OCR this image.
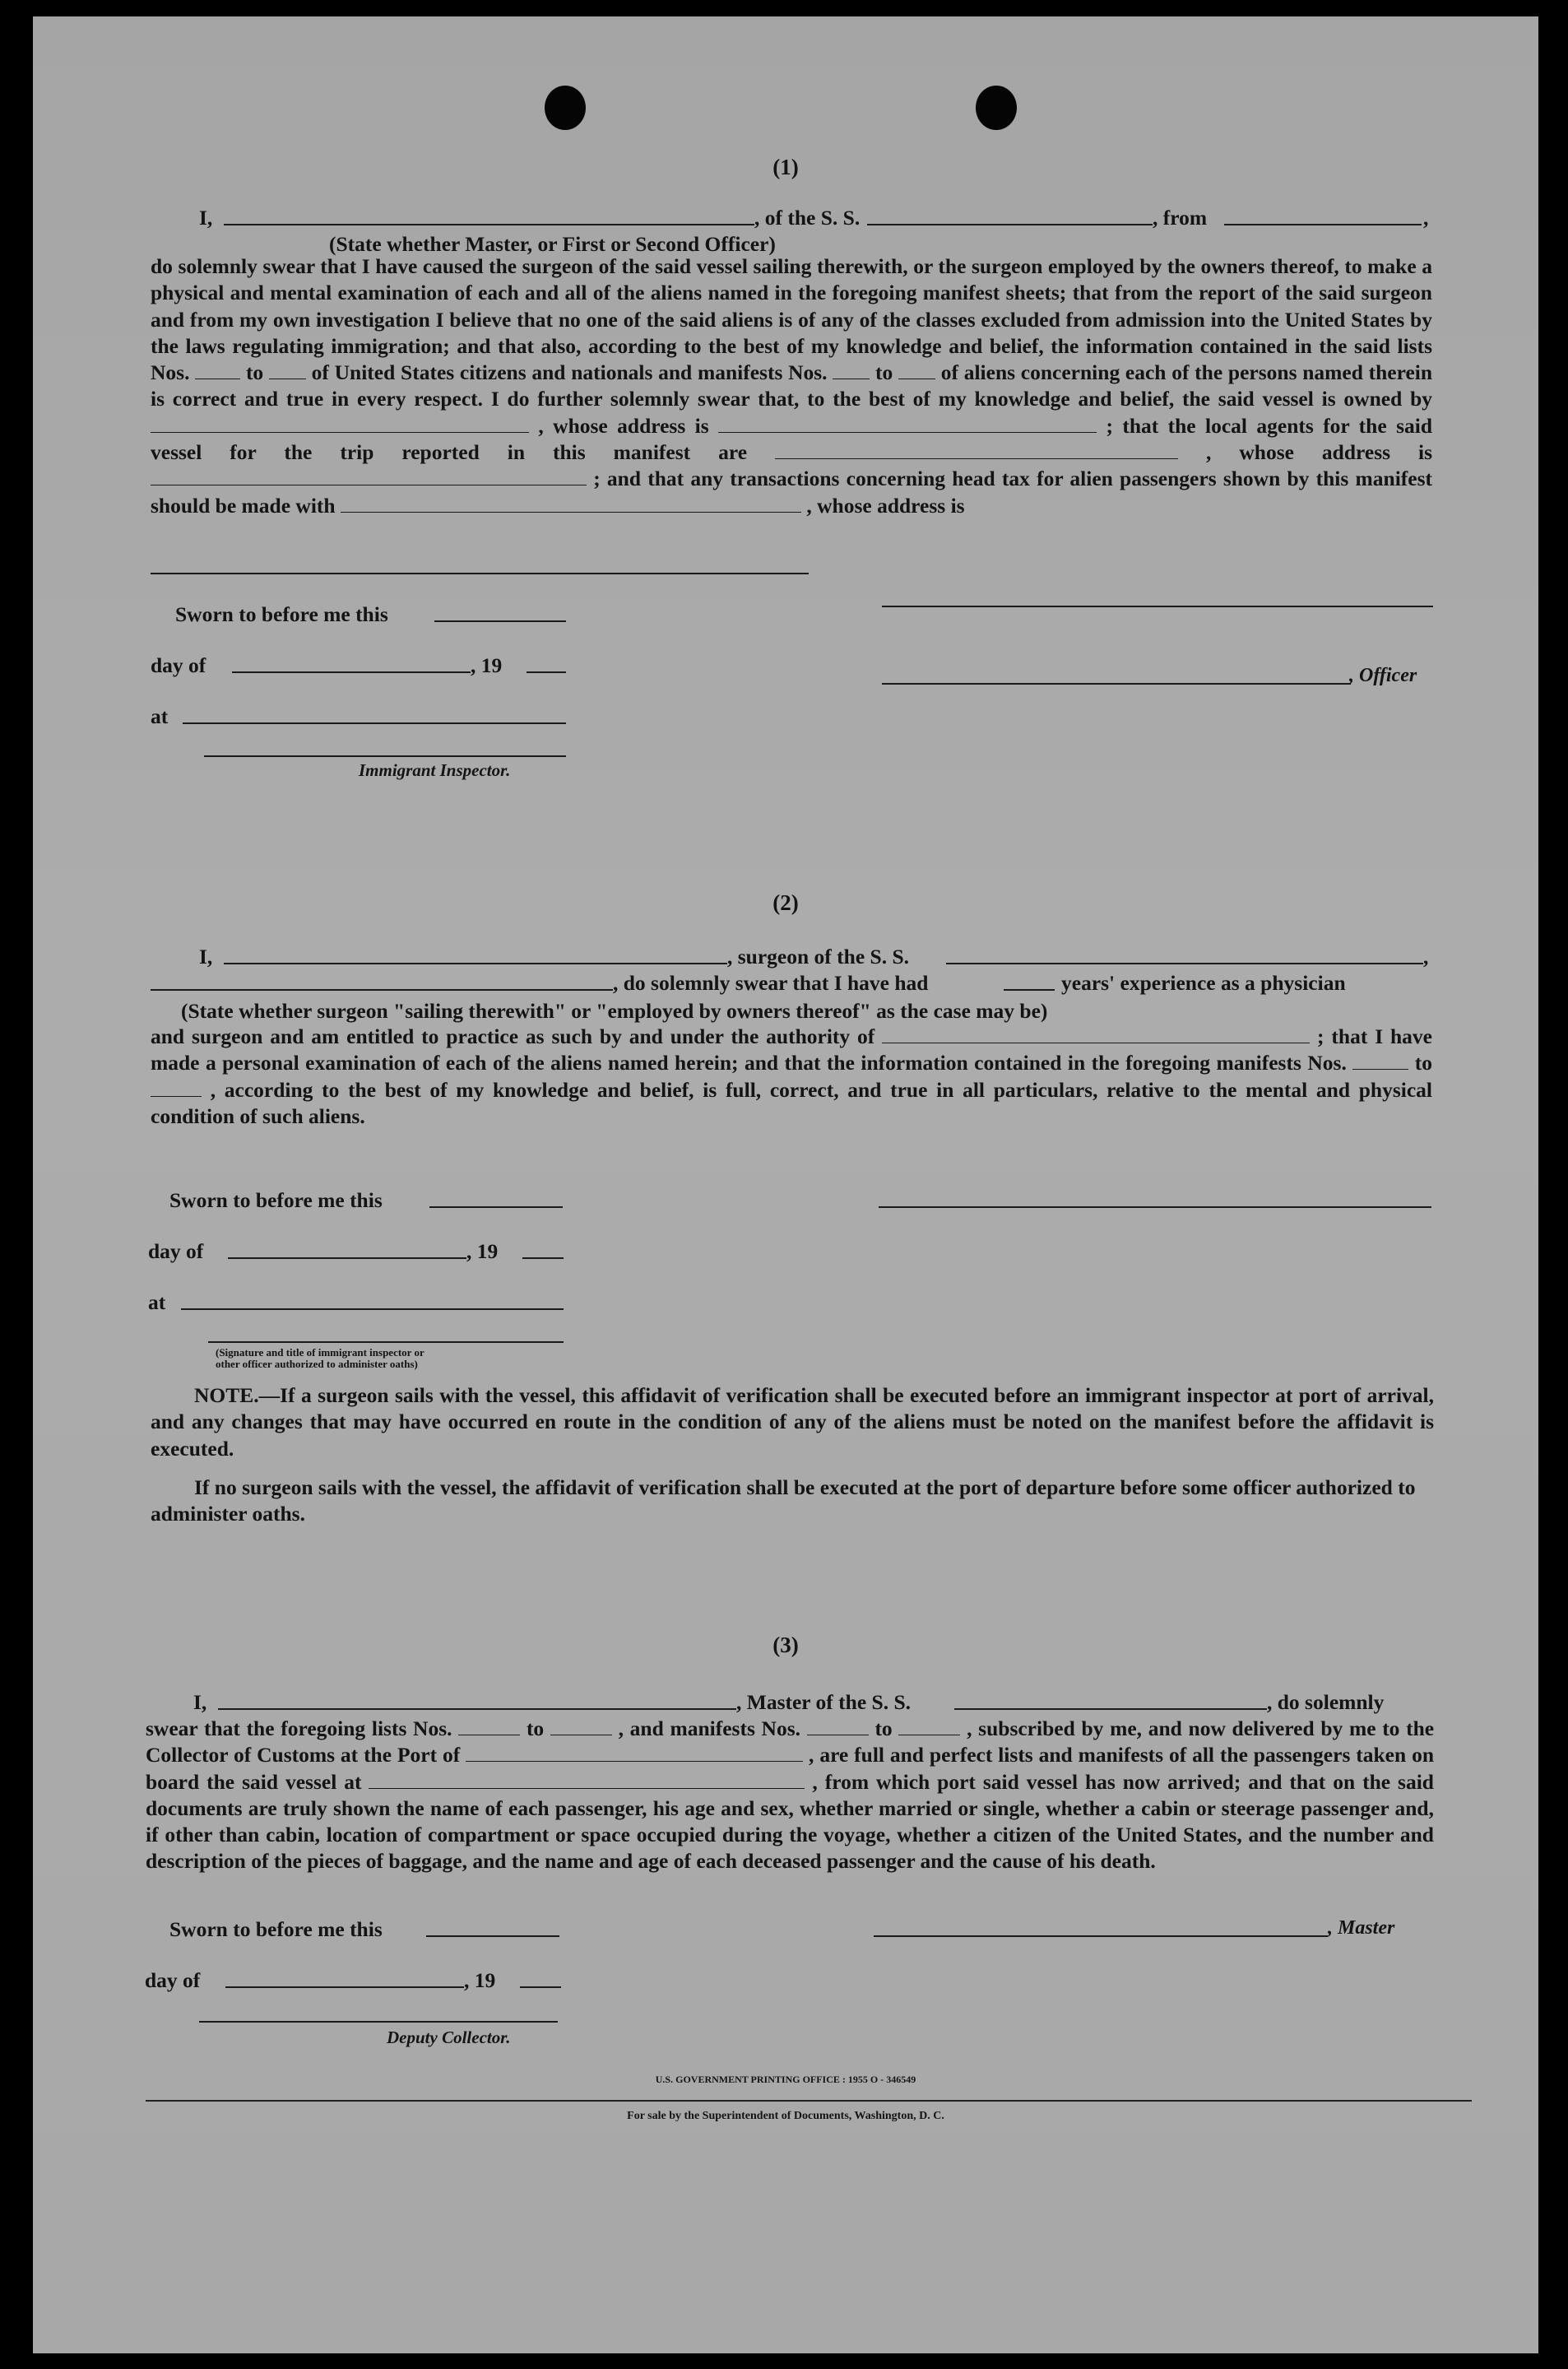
(1)
I,	, of the S. S.	, from	,
(State whether Master, or First or Second Officer)
do solemnly swear that I have caused the surgeon of the said vessel sailing therewith, or the surgeon employed by the owners thereof, to make a physical and mental examination of each and all of the aliens named in the foregoing manifest sheets; that from the report of the said surgeon and from my own investigation I believe that no one of the said aliens is of any of the classes excluded from admission into the United States by the laws regulating immigration; and that also, according to the best of my knowledge and belief, the information contained in the said lists Nos.	to of United States citizens and nationals and manifests Nos. to of aliens concerning each of the persons named therein is correct and true in every respect. I do further solemnly swear that, to the best of my knowledge and belief, the said vessel is owned by  , whose address is	; that the local agents for the said vessel for the trip reported in this manifest are	, whose address is  ; and that any transactions concerning head tax for alien passengers shown by this manifest should be made with	, whose address is
Sworn to before me this
day of	, 19
at
Immigrant Inspector.
, Officer
(2)
I,	, surgeon of the S. S.	,
, do solemnly swear that I have had	years' experience as a physician
(State whether surgeon "sailing therewith" or "employed by owners thereof" as the case may be)
and surgeon and am entitled to practice as such by and under the authority of	; that I have made a personal examination of each of the aliens named herein; and that the information contained in the foregoing manifests Nos.	to  , according to the best of my knowledge and belief, is full, correct, and true in all particulars, relative to the mental and physical condition of such aliens.
Sworn to before me this
day of	, 19
at
(Signature and title of immigrant inspector or
other officer authorized to administer oaths)
NOTE.—If a surgeon sails with the vessel, this affidavit of verification shall be executed before an immigrant inspector at port of arrival, and any changes that may have occurred en route in the condition of any of the aliens must be noted on the manifest before the affidavit is executed.
If no surgeon sails with the vessel, the affidavit of verification shall be executed at the port of departure before some officer authorized to administer oaths.
(3)
I,	, Master of the S. S.	, do solemnly
swear that the foregoing lists Nos.	to	, and manifests Nos.	to	, subscribed by me, and now delivered by me to the Collector of Customs at the Port of	, are full and perfect lists and manifests of all the passengers taken on board the said vessel at	, from which port said vessel has now arrived; and that on the said documents are truly shown the name of each passenger, his age and sex, whether married or single, whether a cabin or steerage passenger and, if other than cabin, location of compartment or space occupied during the voyage, whether a citizen of the United States, and the number and description of the pieces of baggage, and the name and age of each deceased passenger and the cause of his death.
Sworn to before me this
day of	, 19
Deputy Collector.
, Master
U.S. GOVERNMENT PRINTING OFFICE : 1955 O - 346549
For sale by the Superintendent of Documents, Washington, D. C.
